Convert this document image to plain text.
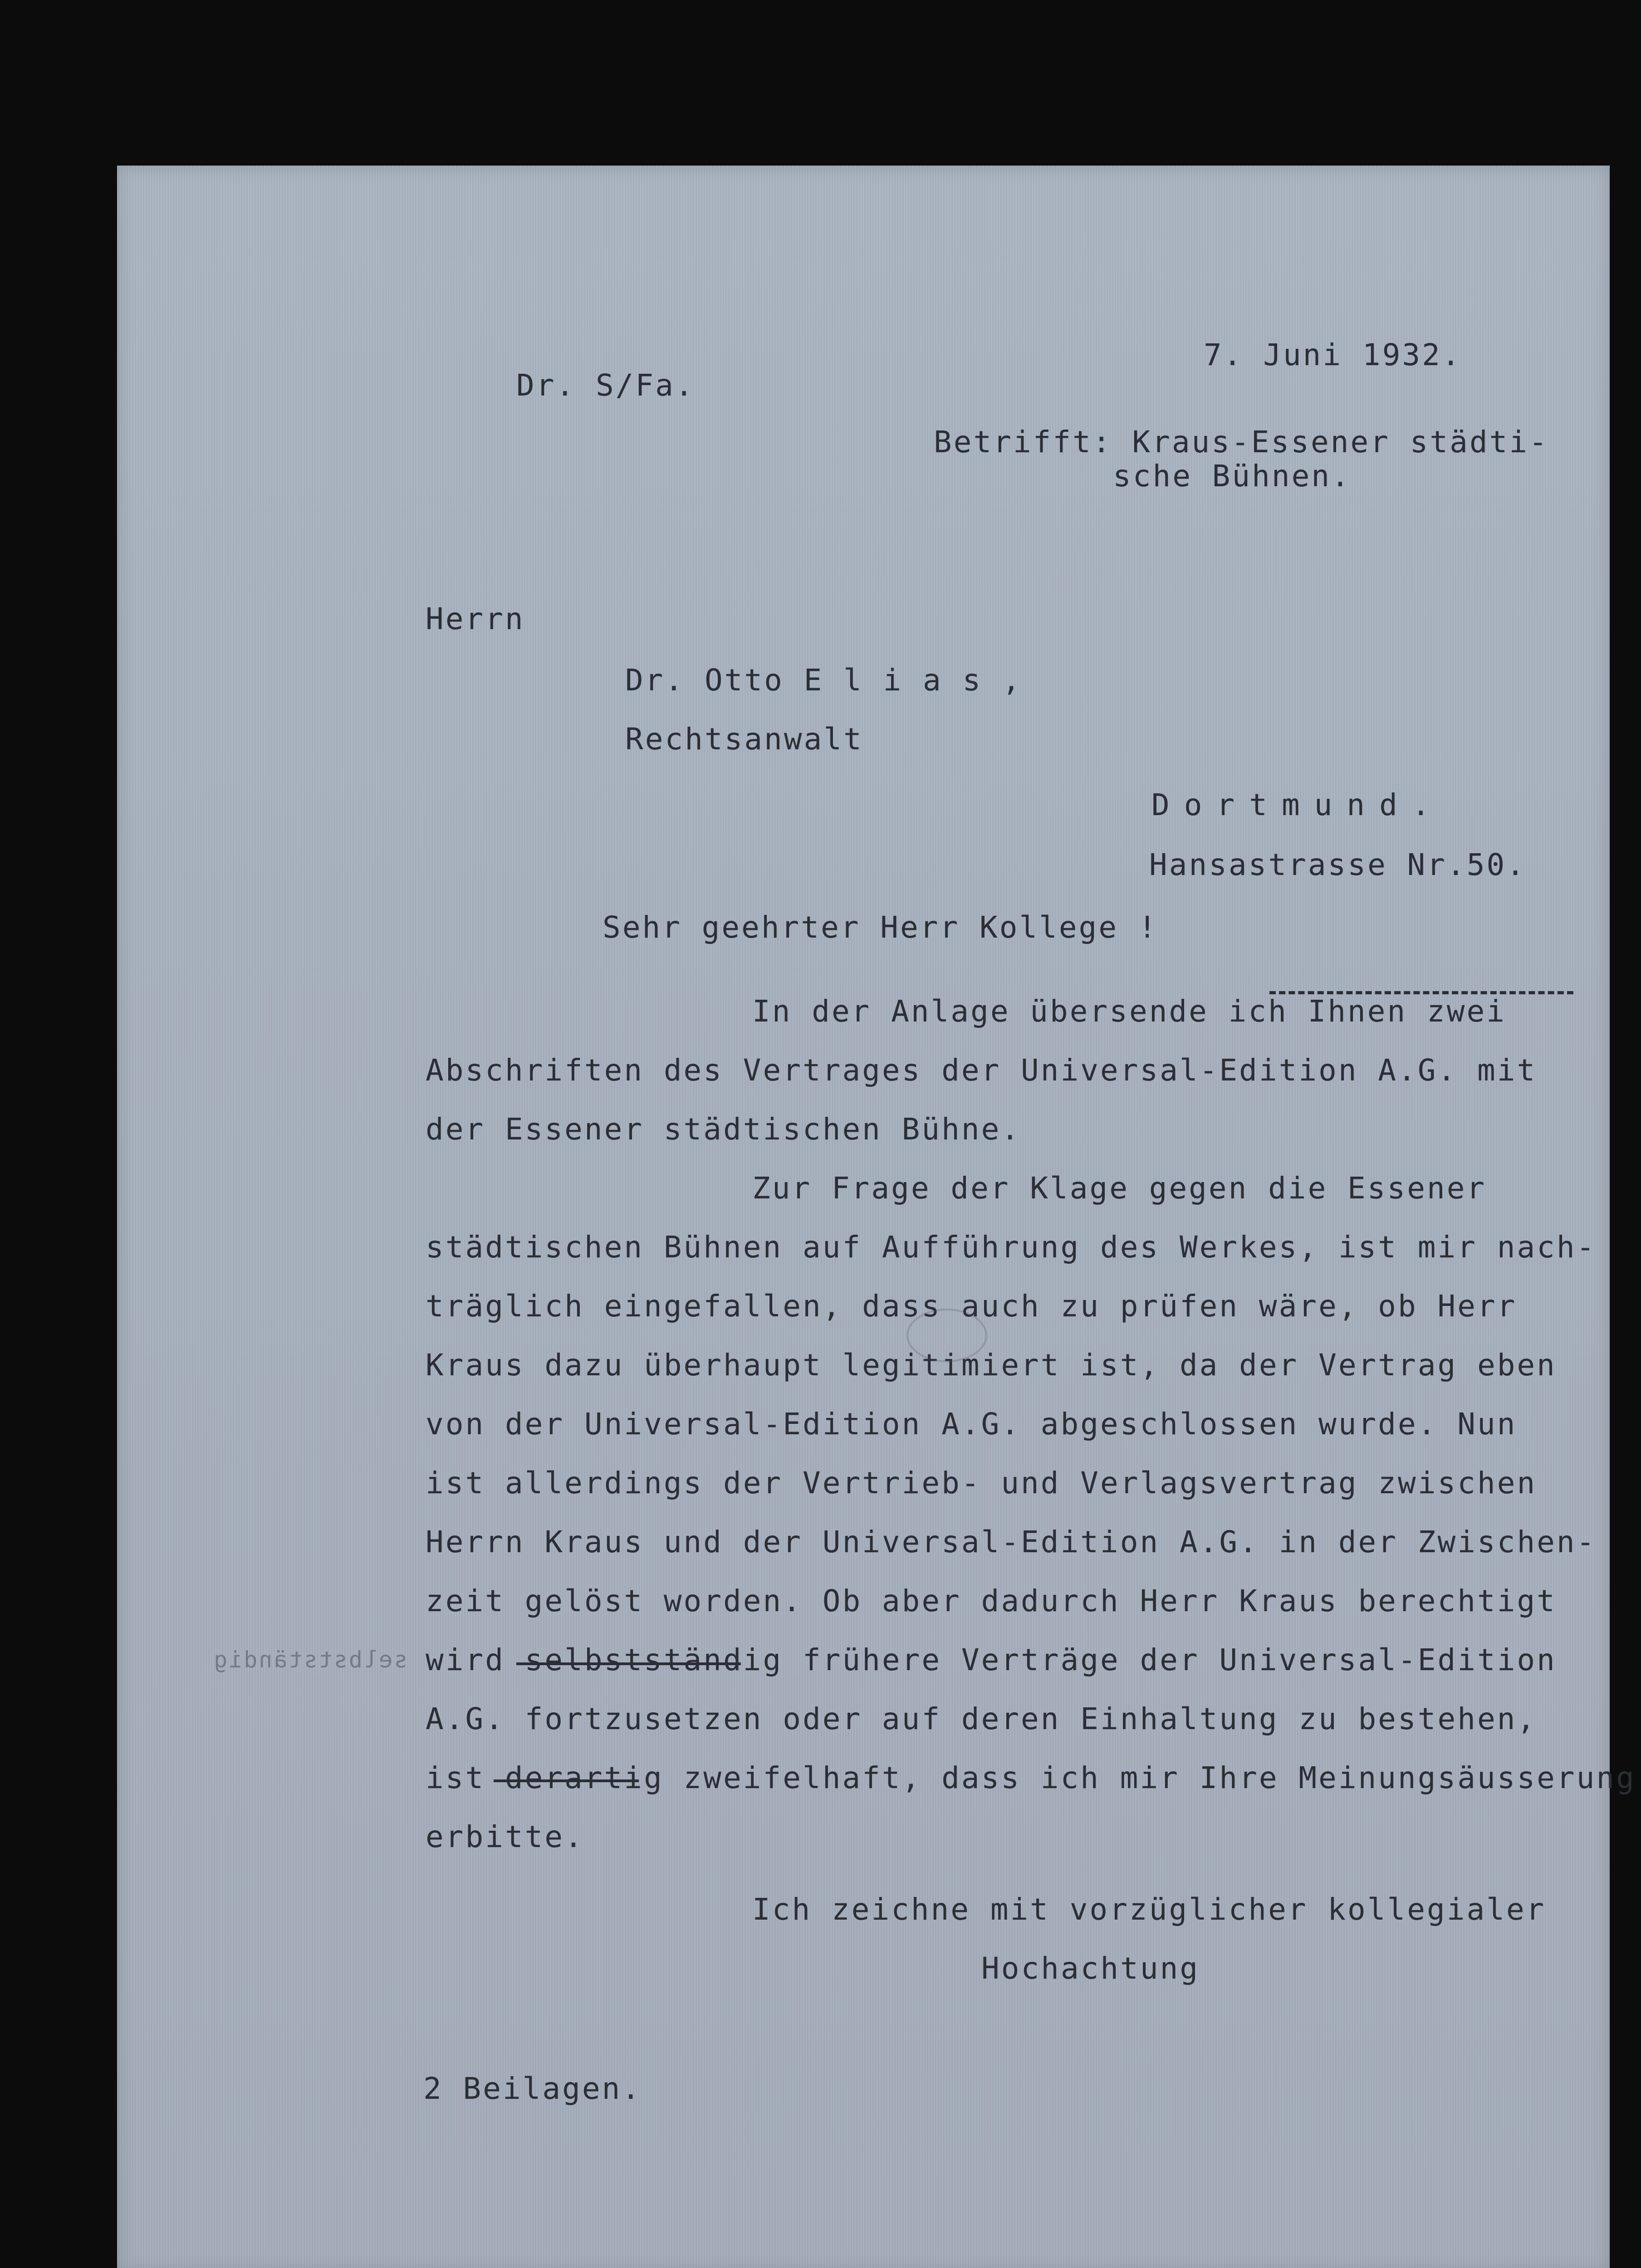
Dr. S/Fa.
7. Juni 1932.
Betrifft: Kraus-Essener städti-
sche Bühnen.
Herrn
Dr. Otto E l i a s ,
Rechtsanwalt
Dortmund.
Hansastrasse Nr.50.
Sehr geehrter Herr Kollege !
In der Anlage übersende ich Ihnen zwei
Abschriften des Vertrages der Universal-Edition A.G. mit
der Essener städtischen Bühne.
Zur Frage der Klage gegen die Essener
städtischen Bühnen auf Aufführung des Werkes, ist mir nach-
träglich eingefallen, dass auch zu prüfen wäre, ob Herr
Kraus dazu überhaupt legitimiert ist, da der Vertrag eben
von der Universal-Edition A.G. abgeschlossen wurde. Nun
ist allerdings der Vertrieb- und Verlagsvertrag zwischen
Herrn Kraus und der Universal-Edition A.G. in der Zwischen-
zeit gelöst worden. Ob aber dadurch Herr Kraus berechtigt
wird selbstständig frühere Verträge der Universal-Edition
A.G. fortzusetzen oder auf deren Einhaltung zu bestehen,
ist derartig zweifelhaft, dass ich mir Ihre Meinungsäusserung
erbitte.
Ich zeichne mit vorzüglicher kollegialer
Hochachtung
2 Beilagen.
selbstständig
